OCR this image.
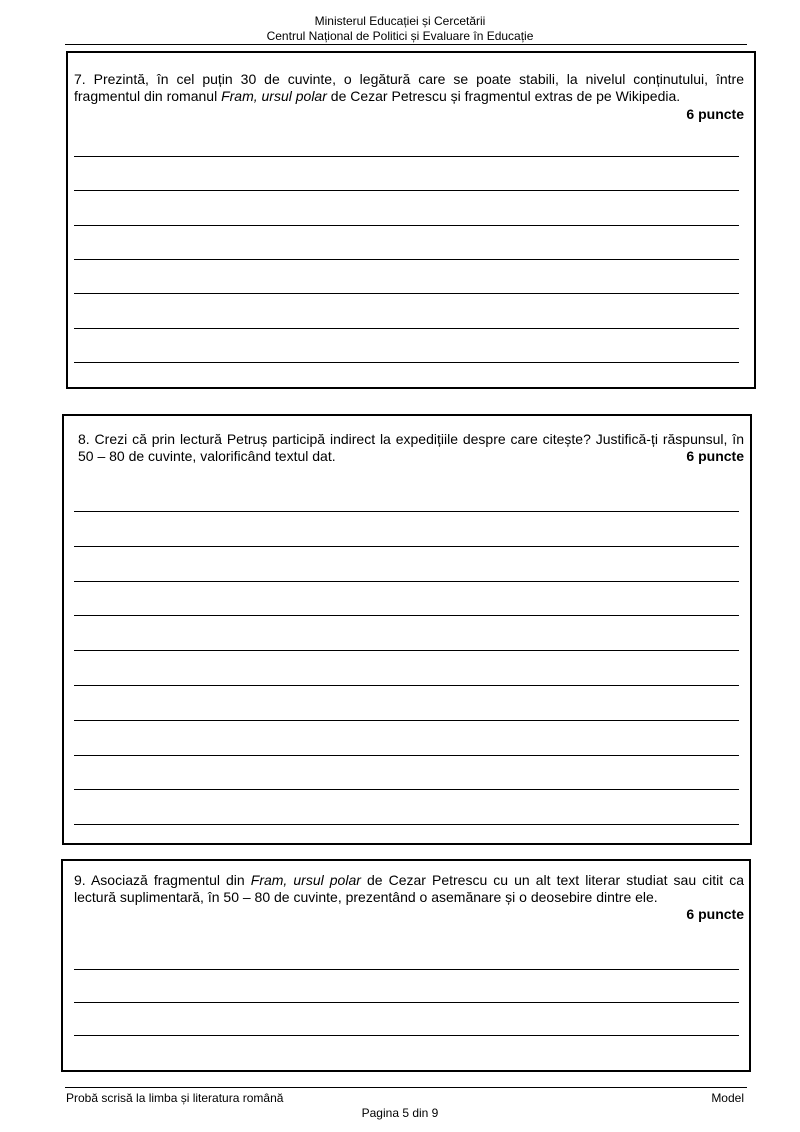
Ministerul Educației și Cercetării
Centrul Național de Politici și Evaluare în Educație
7. Prezintă, în cel puțin 30 de cuvinte, o legătură care se poate stabili, la nivelul conținutului, între fragmentul din romanul Fram, ursul polar de Cezar Petrescu și fragmentul extras de pe Wikipedia.
6 puncte
8. Crezi că prin lectură Petruș participă indirect la expedițiile despre care citește? Justifică-ți răspunsul, în 50 – 80 de cuvinte, valorificând textul dat.	6 puncte
9. Asociază fragmentul din Fram, ursul polar de Cezar Petrescu cu un alt text literar studiat sau citit ca lectură suplimentară, în 50 – 80 de cuvinte, prezentând o asemănare și o deosebire dintre ele.
6 puncte
Probă scrisă la limba și literatura română	Model
Pagina 5 din 9
